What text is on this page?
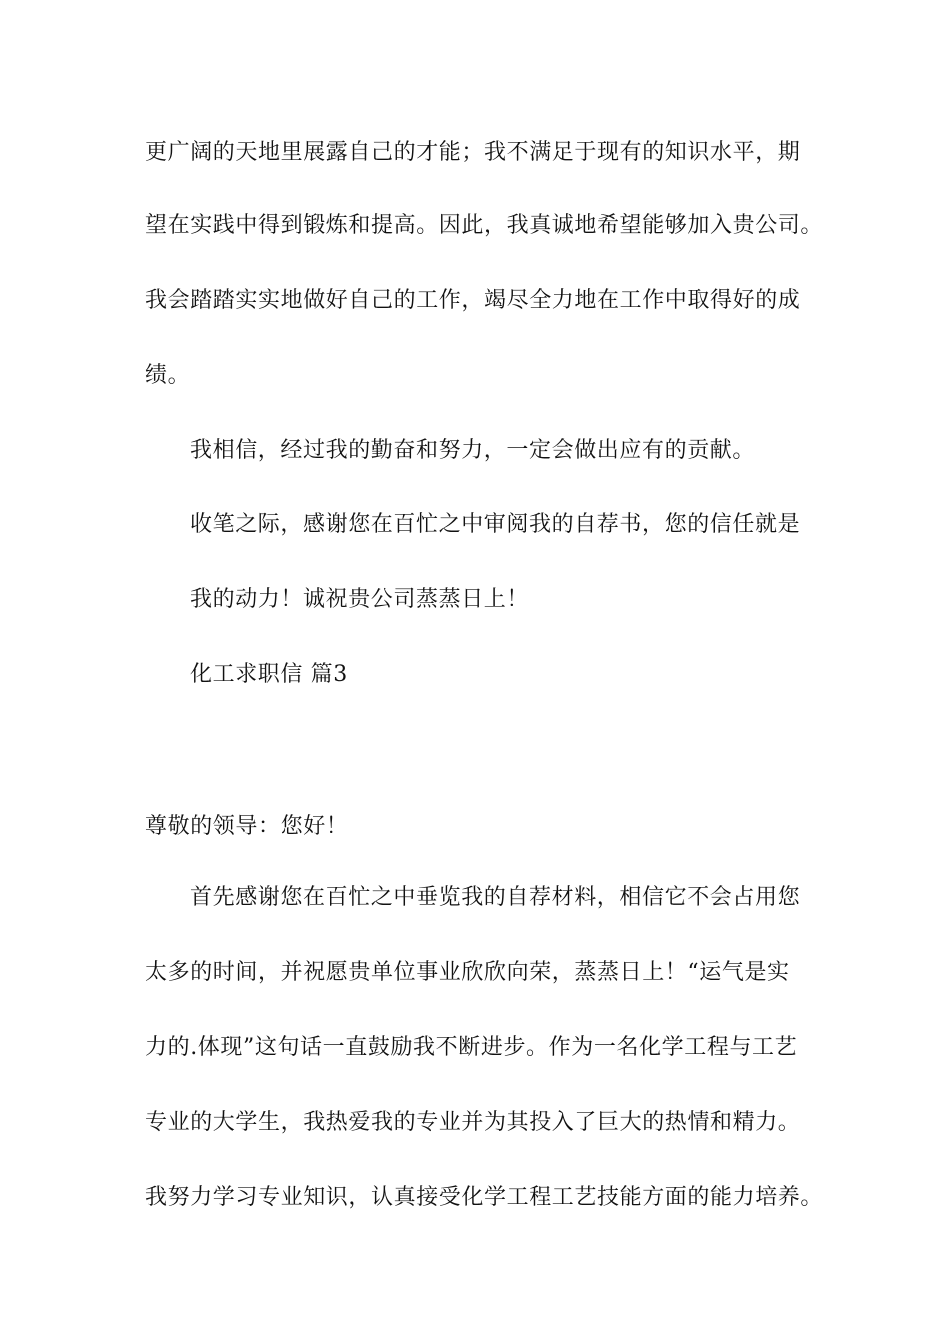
更广阔的天地里展露自己的才能；我不满足于现有的知识水平，期
望在实践中得到锻炼和提高。因此，我真诚地希望能够加入贵公司。
我会踏踏实实地做好自己的工作，竭尽全力地在工作中取得好的成
绩。
我相信，经过我的勤奋和努力，一定会做出应有的贡献。
收笔之际，感谢您在百忙之中审阅我的自荐书，您的信任就是
我的动力！诚祝贵公司蒸蒸日上！
化工求职信 篇3
尊敬的领导：您好！
首先感谢您在百忙之中垂览我的自荐材料，相信它不会占用您
太多的时间，并祝愿贵单位事业欣欣向荣，蒸蒸日上！“运气是实
力的.体现”这句话一直鼓励我不断进步。作为一名化学工程与工艺
专业的大学生，我热爱我的专业并为其投入了巨大的热情和精力。
我努力学习专业知识，认真接受化学工程工艺技能方面的能力培养。
